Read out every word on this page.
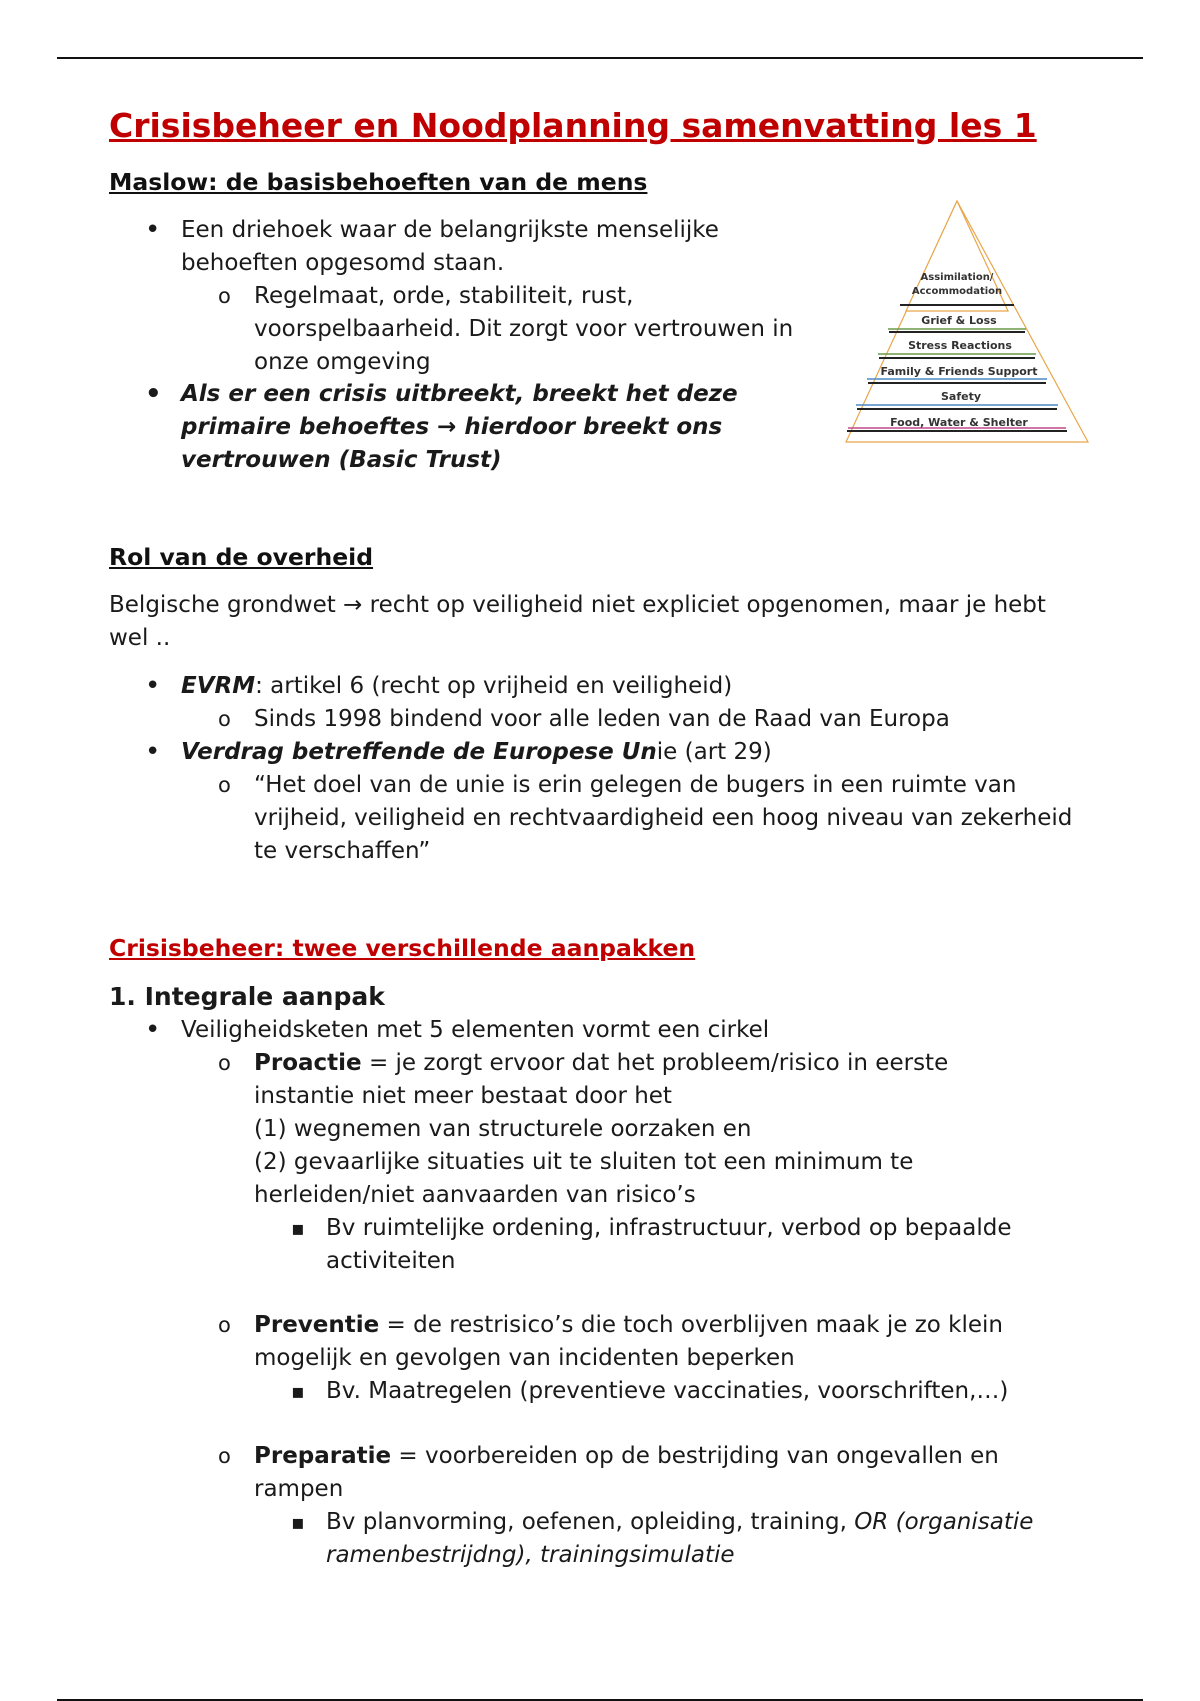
Crisisbeheer en Noodplanning samenvatting les 1
Maslow: de basisbehoeften van de mens
• Een driehoek waar de belangrijkste menselijke behoeften opgesomd staan.
o Regelmaat, orde, stabiliteit, rust, voorspelbaarheid. Dit zorgt voor vertrouwen in onze omgeving
• Als er een crisis uitbreekt, breekt het deze primaire behoeftes → hierdoor breekt ons vertrouwen (Basic Trust)
Assimilation/
Accommodation
Grief & Loss
Stress Reactions
Family & Friends Support
Safety
Food, Water & Shelter
Rol van de overheid
Belgische grondwet → recht op veiligheid niet expliciet opgenomen, maar je hebt wel ..
• EVRM: artikel 6 (recht op vrijheid en veiligheid)
o Sinds 1998 bindend voor alle leden van de Raad van Europa
• Verdrag betreffende de Europese Unie (art 29)
o “Het doel van de unie is erin gelegen de bugers in een ruimte van vrijheid, veiligheid en rechtvaardigheid een hoog niveau van zekerheid te verschaffen”
Crisisbeheer: twee verschillende aanpakken
1. Integrale aanpak
• Veiligheidsketen met 5 elementen vormt een cirkel
o Proactie = je zorgt ervoor dat het probleem/risico in eerste instantie niet meer bestaat door het
(1) wegnemen van structurele oorzaken en
(2) gevaarlijke situaties uit te sluiten tot een minimum te herleiden/niet aanvaarden van risico’s
▪ Bv ruimtelijke ordening, infrastructuur, verbod op bepaalde activiteiten
o Preventie = de restrisico’s die toch overblijven maak je zo klein mogelijk en gevolgen van incidenten beperken
▪ Bv. Maatregelen (preventieve vaccinaties, voorschriften,…)
o Preparatie = voorbereiden op de bestrijding van ongevallen en rampen
▪ Bv planvorming, oefenen, opleiding, training, OR (organisatie ramenbestrijdng), trainingsimulatie
